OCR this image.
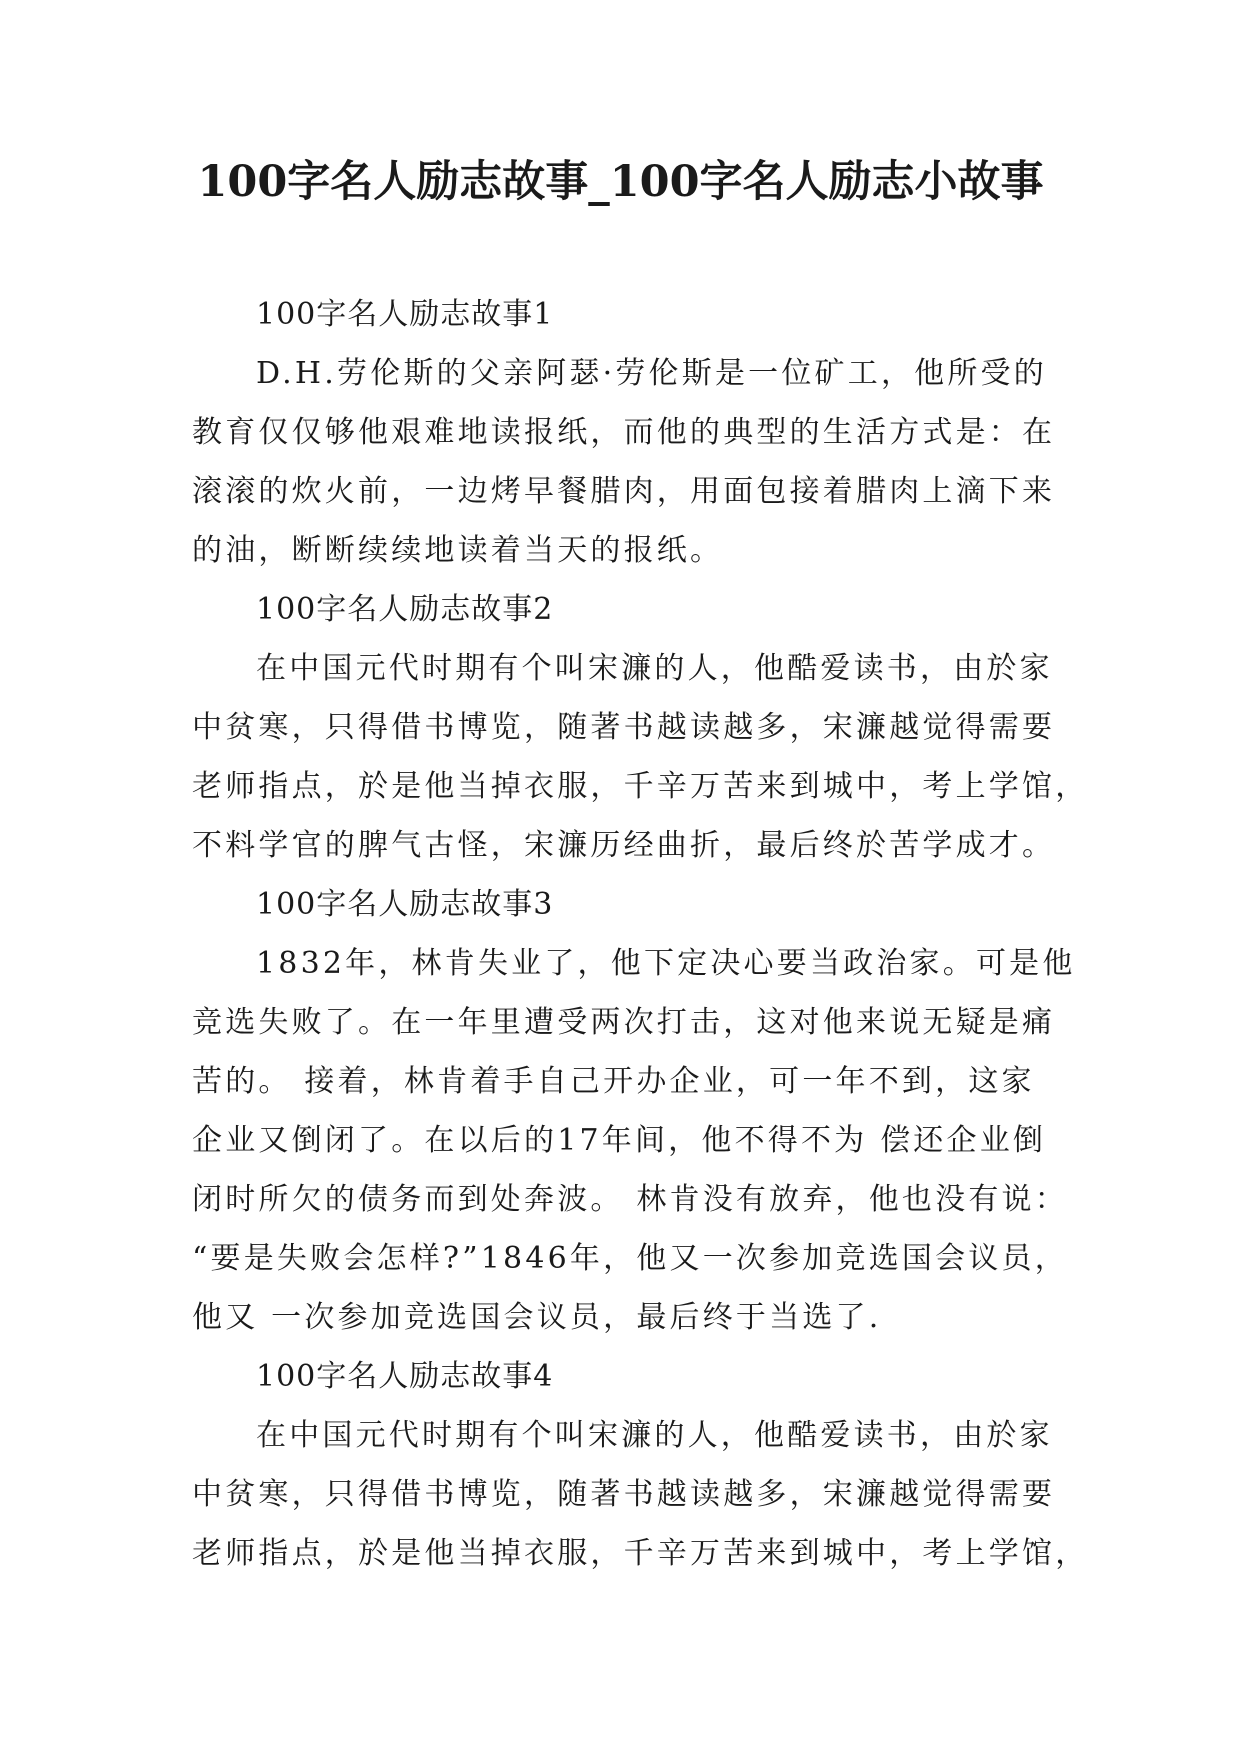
100字名人励志故事_100字名人励志小故事
100字名人励志故事1
D.H.劳伦斯的父亲阿瑟·劳伦斯是一位矿工，他所受的
教育仅仅够他艰难地读报纸，而他的典型的生活方式是：在
滚滚的炊火前，一边烤早餐腊肉，用面包接着腊肉上滴下来
的油，断断续续地读着当天的报纸。
100字名人励志故事2
在中国元代时期有个叫宋濂的人，他酷爱读书，由於家
中贫寒，只得借书博览，随著书越读越多，宋濂越觉得需要
老师指点，於是他当掉衣服，千辛万苦来到城中，考上学馆，
不料学官的脾气古怪，宋濂历经曲折，最后终於苦学成才。
100字名人励志故事3
1832年，林肯失业了，他下定决心要当政治家。可是他
竞选失败了。在一年里遭受两次打击，这对他来说无疑是痛
苦的。 接着，林肯着手自己开办企业，可一年不到，这家
企业又倒闭了。在以后的17年间，他不得不为 偿还企业倒
闭时所欠的债务而到处奔波。 林肯没有放弃，他也没有说：
“要是失败会怎样?”1846年，他又一次参加竞选国会议员，
他又 一次参加竞选国会议员，最后终于当选了.
100字名人励志故事4
在中国元代时期有个叫宋濂的人，他酷爱读书，由於家
中贫寒，只得借书博览，随著书越读越多，宋濂越觉得需要
老师指点，於是他当掉衣服，千辛万苦来到城中，考上学馆，
